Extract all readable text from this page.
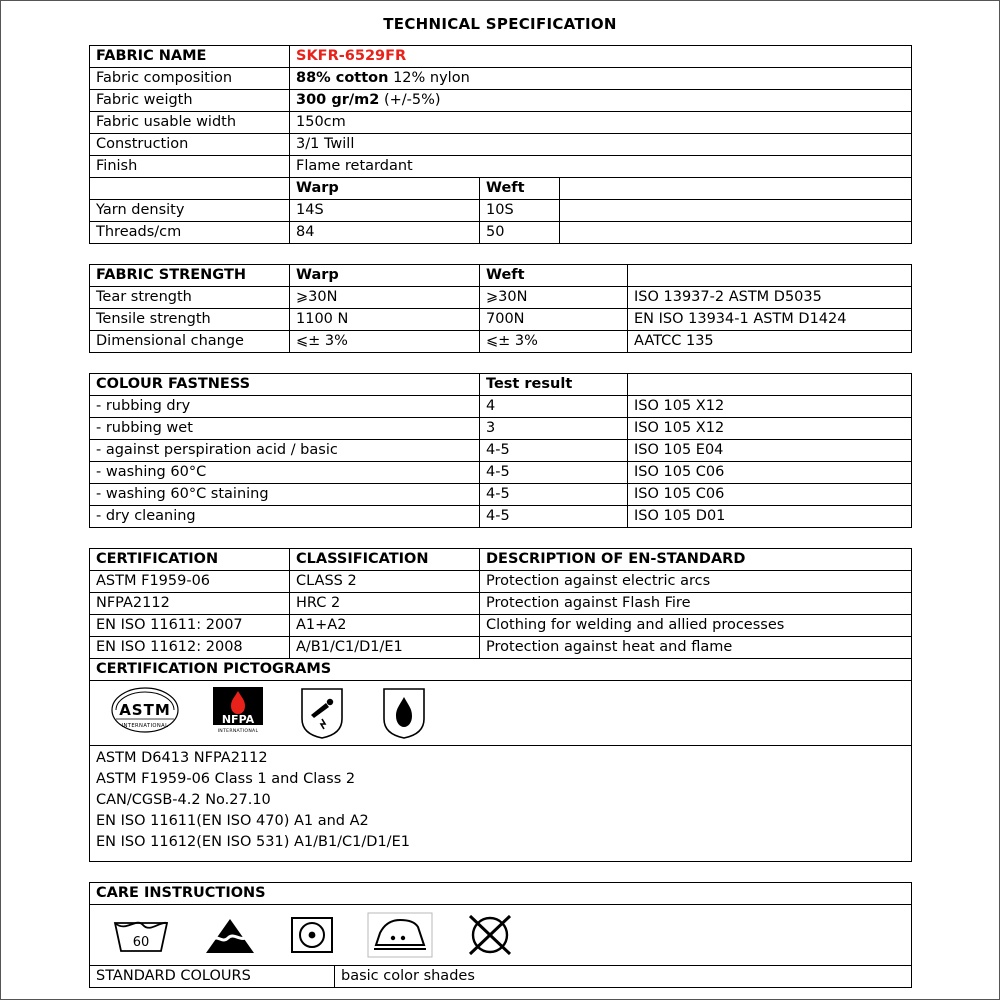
TECHNICAL SPECIFICATION
FABRIC NAME	SKFR-6529FR		
Fabric composition	88% cotton 12% nylon		
Fabric weigth	300 gr/m2 (+/-5%)		
Fabric usable width	150cm		
Construction	3/1 Twill		
Finish	Flame retardant		
	Warp	Weft	
Yarn density	14S	10S	
Threads/cm	84	50	
FABRIC STRENGTH	Warp	Weft	
Tear strength	⩾30N	⩾30N	ISO 13937-2 ASTM D5035
Tensile strength	1100 N	700N	EN ISO 13934-1 ASTM D1424
Dimensional change	⩽± 3%	⩽± 3%	AATCC 135
COLOUR FASTNESS	Test result	
- rubbing dry	4	ISO 105 X12
- rubbing wet	3	ISO 105 X12
- against perspiration acid / basic	4-5	ISO 105 E04
- washing 60°C	4-5	ISO 105 C06
- washing 60°C staining	4-5	ISO 105 C06
- dry cleaning	4-5	ISO 105 D01
CERTIFICATION	CLASSIFICATION	DESCRIPTION OF EN-STANDARD
ASTM F1959-06	CLASS 2	Protection against electric arcs
NFPA2112	HRC 2	Protection against Flash Fire
EN ISO 11611: 2007	A1+A2	Clothing for welding and allied processes
EN ISO 11612: 2008	A/B1/C1/D1/E1	Protection against heat and flame
CERTIFICATION PICTOGRAMS		

ASTM
INTERNATIONAL NFPA
INTERNATIONAL		

ASTM D6413 NFPA2112
ASTM F1959-06 Class 1 and Class 2
CAN/CGSB-4.2 No.27.10
EN ISO 11611(EN ISO 470) A1 and A2
EN ISO 11612(EN ISO 531) A1/B1/C1/D1/E1		
CARE INSTRUCTIONS

60

STANDARD COLOURS	basic color shades
